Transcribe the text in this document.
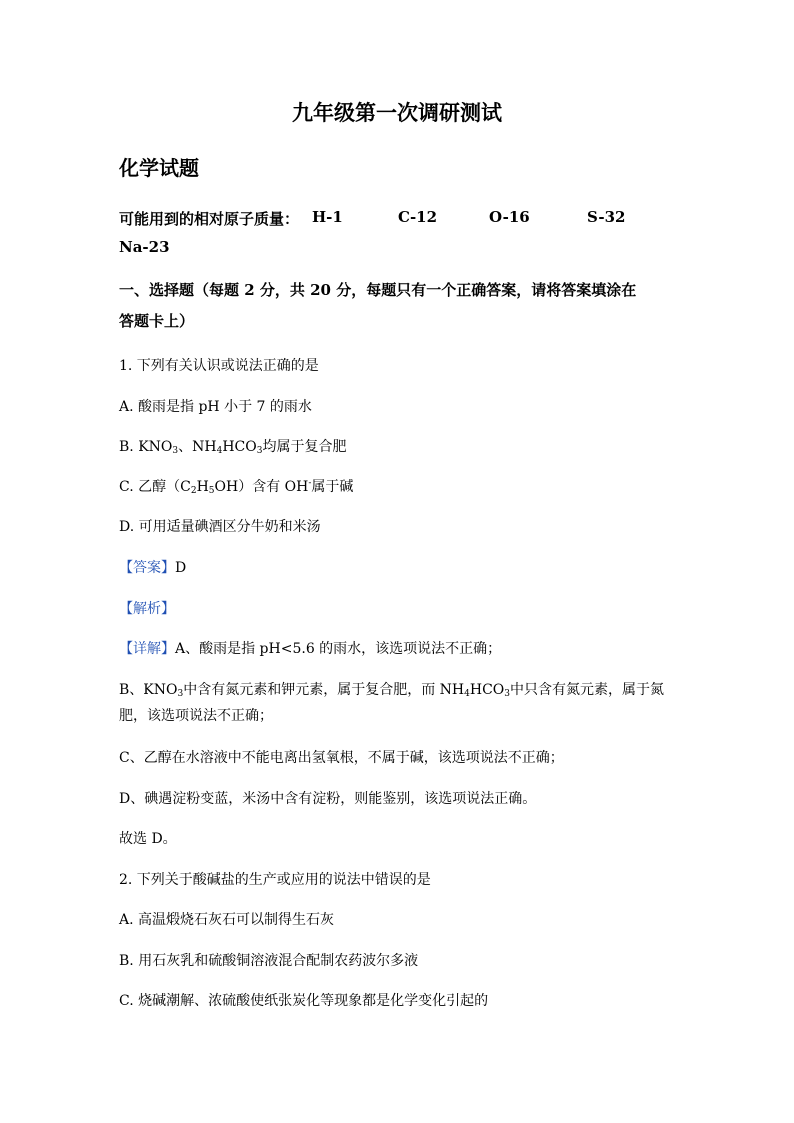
九年级第一次调研测试
化学试题
可能用到的相对原子质量： H-1	C-12	O-16	S-32
Na-23
一、选择题（每题 2 分，共 20 分，每题只有一个正确答案，请将答案填涂在
答题卡上）
1. 下列有关认识或说法正确的是
A. 酸雨是指 pH 小于 7 的雨水
B. $KNO_3$、$NH_4HCO_3$均属于复合肥
C. 乙醇$(C_2H_5OH)$含有 OH-属于碱
D. 可用适量碘酒区分牛奶和米汤
【答案】D
【解析】
【详解】A、酸雨是指 pH<5.6 的雨水，该选项说法不正确；
B、$KNO_3$中含有氮元素和钾元素，属于复合肥，而 $NH_4HCO_3$中只含有氮元素，属于氮
肥，该选项说法不正确；
C、乙醇在水溶液中不能电离出氢氧根，不属于碱，该选项说法不正确；
D、碘遇淀粉变蓝，米汤中含有淀粉，则能鉴别，该选项说法正确。
故选 D。
2. 下列关于酸碱盐的生产或应用的说法中错误的是
A. 高温煅烧石灰石可以制得生石灰
B. 用石灰乳和硫酸铜溶液混合配制农药波尔多液
C. 烧碱潮解、浓硫酸使纸张炭化等现象都是化学变化引起的
